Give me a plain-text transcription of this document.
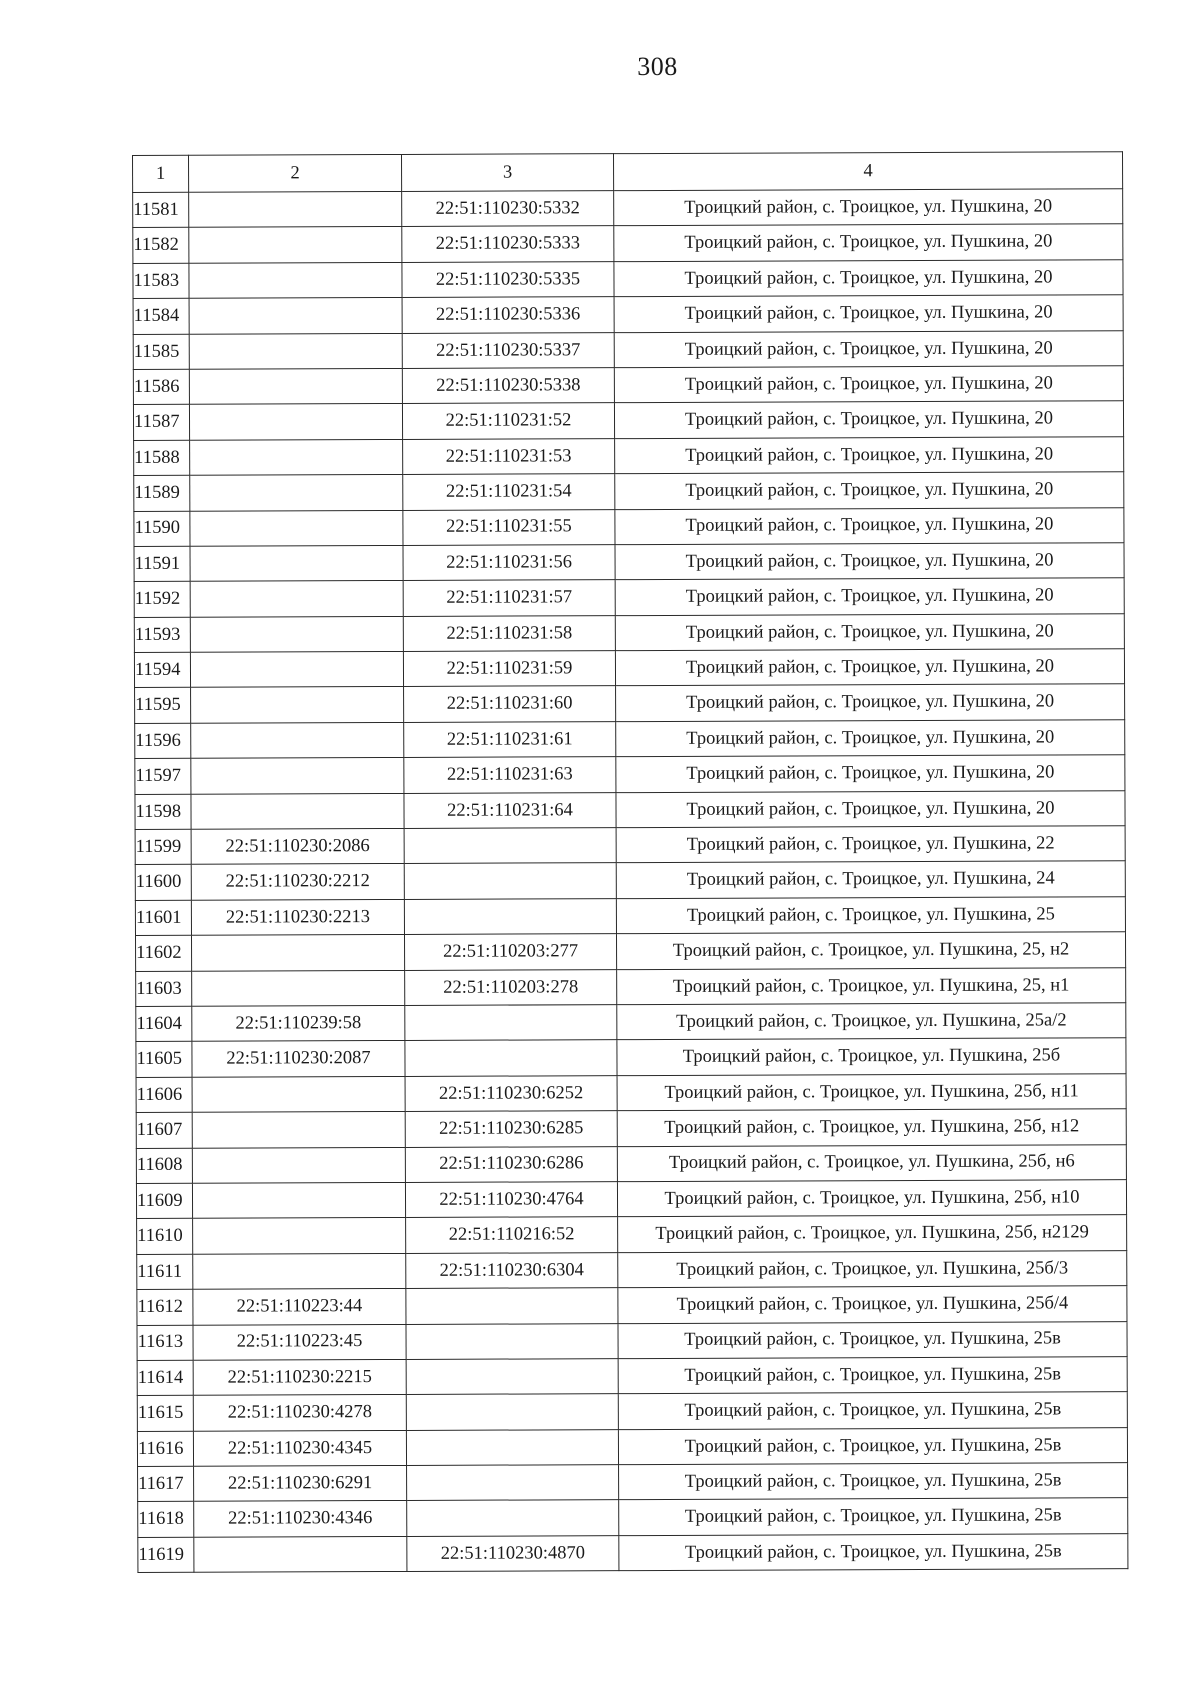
308
1	2	3	4
11581		22:51:110230:5332	Троицкий район, с. Троицкое, ул. Пушкина, 20
11582		22:51:110230:5333	Троицкий район, с. Троицкое, ул. Пушкина, 20
11583		22:51:110230:5335	Троицкий район, с. Троицкое, ул. Пушкина, 20
11584		22:51:110230:5336	Троицкий район, с. Троицкое, ул. Пушкина, 20
11585		22:51:110230:5337	Троицкий район, с. Троицкое, ул. Пушкина, 20
11586		22:51:110230:5338	Троицкий район, с. Троицкое, ул. Пушкина, 20
11587		22:51:110231:52	Троицкий район, с. Троицкое, ул. Пушкина, 20
11588		22:51:110231:53	Троицкий район, с. Троицкое, ул. Пушкина, 20
11589		22:51:110231:54	Троицкий район, с. Троицкое, ул. Пушкина, 20
11590		22:51:110231:55	Троицкий район, с. Троицкое, ул. Пушкина, 20
11591		22:51:110231:56	Троицкий район, с. Троицкое, ул. Пушкина, 20
11592		22:51:110231:57	Троицкий район, с. Троицкое, ул. Пушкина, 20
11593		22:51:110231:58	Троицкий район, с. Троицкое, ул. Пушкина, 20
11594		22:51:110231:59	Троицкий район, с. Троицкое, ул. Пушкина, 20
11595		22:51:110231:60	Троицкий район, с. Троицкое, ул. Пушкина, 20
11596		22:51:110231:61	Троицкий район, с. Троицкое, ул. Пушкина, 20
11597		22:51:110231:63	Троицкий район, с. Троицкое, ул. Пушкина, 20
11598		22:51:110231:64	Троицкий район, с. Троицкое, ул. Пушкина, 20
11599	22:51:110230:2086		Троицкий район, с. Троицкое, ул. Пушкина, 22
11600	22:51:110230:2212		Троицкий район, с. Троицкое, ул. Пушкина, 24
11601	22:51:110230:2213		Троицкий район, с. Троицкое, ул. Пушкина, 25
11602		22:51:110203:277	Троицкий район, с. Троицкое, ул. Пушкина, 25, н2
11603		22:51:110203:278	Троицкий район, с. Троицкое, ул. Пушкина, 25, н1
11604	22:51:110239:58		Троицкий район, с. Троицкое, ул. Пушкина, 25а/2
11605	22:51:110230:2087		Троицкий район, с. Троицкое, ул. Пушкина, 25б
11606		22:51:110230:6252	Троицкий район, с. Троицкое, ул. Пушкина, 25б, н11
11607		22:51:110230:6285	Троицкий район, с. Троицкое, ул. Пушкина, 25б, н12
11608		22:51:110230:6286	Троицкий район, с. Троицкое, ул. Пушкина, 25б, н6
11609		22:51:110230:4764	Троицкий район, с. Троицкое, ул. Пушкина, 25б, н10
11610		22:51:110216:52	Троицкий район, с. Троицкое, ул. Пушкина, 25б, н2129
11611		22:51:110230:6304	Троицкий район, с. Троицкое, ул. Пушкина, 25б/3
11612	22:51:110223:44		Троицкий район, с. Троицкое, ул. Пушкина, 25б/4
11613	22:51:110223:45		Троицкий район, с. Троицкое, ул. Пушкина, 25в
11614	22:51:110230:2215		Троицкий район, с. Троицкое, ул. Пушкина, 25в
11615	22:51:110230:4278		Троицкий район, с. Троицкое, ул. Пушкина, 25в
11616	22:51:110230:4345		Троицкий район, с. Троицкое, ул. Пушкина, 25в
11617	22:51:110230:6291		Троицкий район, с. Троицкое, ул. Пушкина, 25в
11618	22:51:110230:4346		Троицкий район, с. Троицкое, ул. Пушкина, 25в
11619		22:51:110230:4870	Троицкий район, с. Троицкое, ул. Пушкина, 25в
